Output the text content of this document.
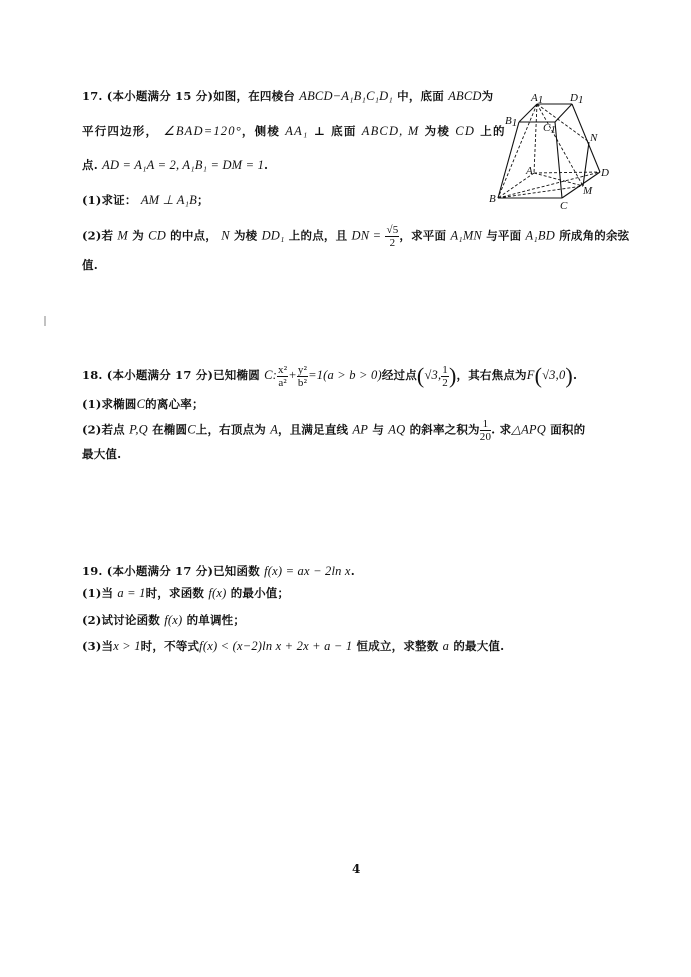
17. (本小题满分 15 分)如图，在四棱台 ABCD−A₁B₁C₁D₁ 中，底面 ABCD为
平行四边形， ∠BAD=120°，侧棱 AA₁ ⊥ 底面 ABCD, M 为棱 CD 上的
点. AD = A₁A = 2, A₁B₁ = DM = 1.
(1)求证： AM ⊥ A₁B；
(2)若 M 为 CD 的中点， N 为棱 DD₁ 上的点，且 DN = $\frac{√5}{2}$ ，求平面 A₁MN 与平面 A₁BD 所成角的余弦
值.
A1 D1
B1 C1
N
A	D
M
B
C
18. (本小题满分 17 分)已知椭圆 C: $\frac{\text{x²}}{\text{a²}} + \frac{\text{y²}}{\text{b²}} =1(a > b > 0)$经过点(√3, $\frac{1}{2}$ )，其右焦点为F(√3,0).
(1)求椭圆C的离心率；
(2)若点 P,Q 在椭圆C上，右顶点为 A，且满足直线 AP 与 AQ 的斜率之积为 $\frac{1}{20}$ . 求△APQ 面积的
最大值.
19. (本小题满分 17 分)已知函数 f(x) = ax − 2ln x.
(1)当 a = 1时，求函数 f(x) 的最小值；
(2)试讨论函数 f(x) 的单调性；
(3)当x > 1时，不等式f(x) < (x−2)ln x + 2x + a − 1 恒成立，求整数 a 的最大值.
4
